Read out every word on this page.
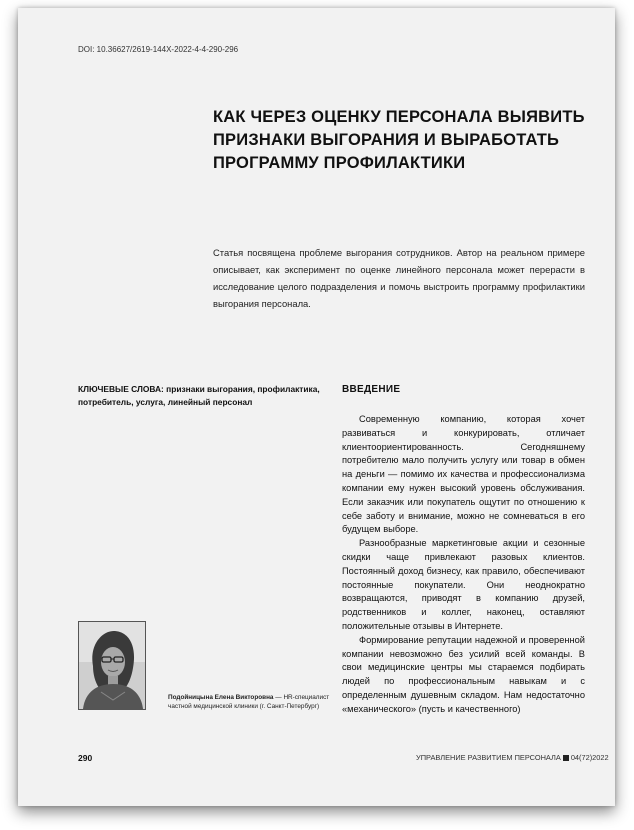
DOI: 10.36627/2619-144X-2022-4-4-290-296
КАК ЧЕРЕЗ ОЦЕНКУ ПЕРСОНАЛА ВЫЯВИТЬ ПРИЗНАКИ ВЫГОРАНИЯ И ВЫРАБОТАТЬ ПРОГРАММУ ПРОФИЛАКТИКИ
Статья посвящена проблеме выгорания сотрудников. Автор на реальном примере описывает, как эксперимент по оценке линейного персонала может перерасти в исследование целого подразделения и помочь выстроить программу профилактики выгорания персонала.
КЛЮЧЕВЫЕ СЛОВА: признаки выгорания, профилактика, потребитель, услуга, линейный персонал
ВВЕДЕНИЕ

Современную компанию, которая хочет развиваться и конкурировать, отличает клиентоориентированность. Сегодняшнему потребителю мало получить услугу или товар в обмен на деньги — помимо их качества и профессионализма компании ему нужен высокий уровень обслуживания. Если заказчик или покупатель ощутит по отношению к себе заботу и внимание, можно не сомневаться в его будущем выборе.

Разнообразные маркетинговые акции и сезонные скидки чаще привлекают разовых клиентов. Постоянный доход бизнесу, как правило, обеспечивают постоянные покупатели. Они неоднократно возвращаются, приводят в компанию друзей, родственников и коллег, наконец, оставляют положительные отзывы в Интернете.

Формирование репутации надежной и проверенной компании невозможно без усилий всей команды. В свои медицинские центры мы стараемся подбирать людей по профессиональным навыкам и с определенным душевным складом. Нам недостаточно «механического» (пусть и качественного)

Подойницына Елена Викторовна — HR-специалист частной медицинской клиники (г. Санкт-Петербург)
290	УПРАВЛЕНИЕ РАЗВИТИЕМ ПЕРСОНАЛА 04(72)2022
